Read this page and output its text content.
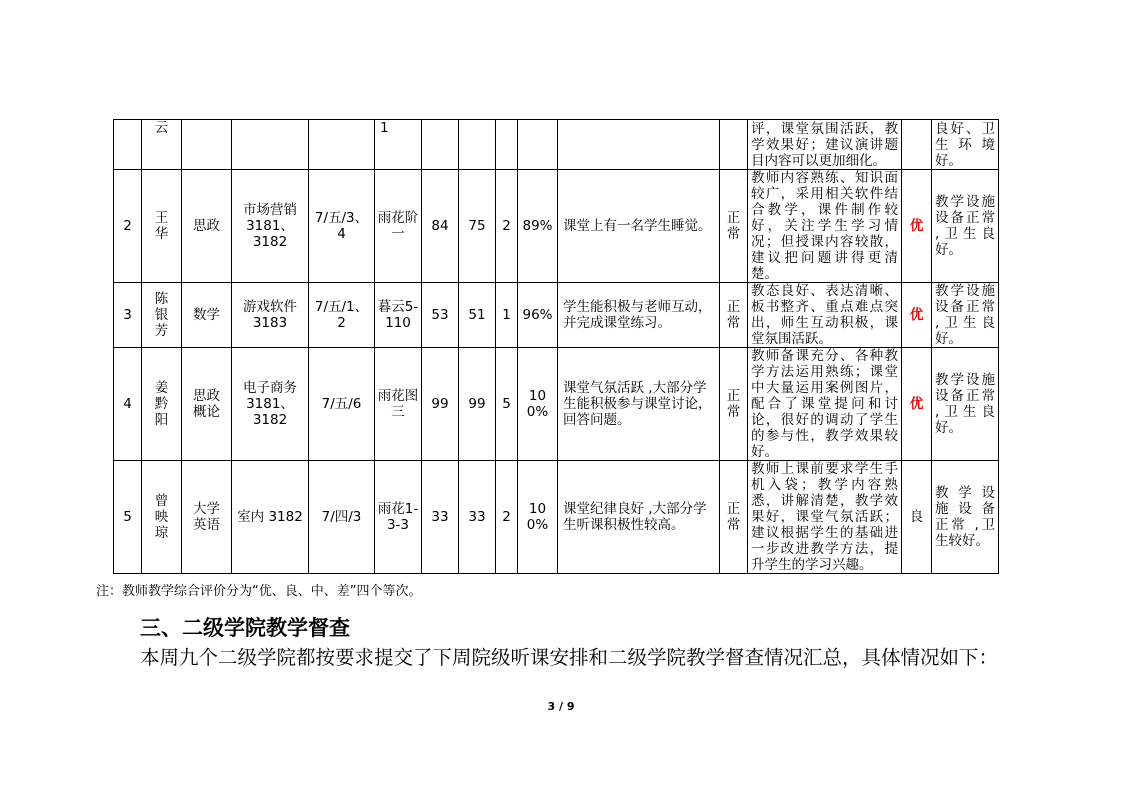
	云				1							评，课堂氛围活跃，教学效果好；建议演讲题目内容可以更加细化。		良好、卫生 环 境好。
2	王华	思政	市场营销3181、3182	7/五/3、4	雨花阶一	84	75	2	89%	课堂上有一名学生睡觉。	正常	教师内容熟练、知识面较广，采用相关软件结合教学，课件制作较好，关注学生学习情况；但授课内容较散，建议把问题讲得更清楚。	优	教学设施设备正常 ,卫生良好。
3	陈银芳	数学	游戏软件3183	7/五/1、2	暮云5-110	53	51	1	96%	学生能积极与老师互动，并完成课堂练习。	正常	教态良好、表达清晰、板书整齐、重点难点突出，师生互动积极，课堂氛围活跃。	优	教学设施设备正常 ,卫生良好。
4	姜黔阳	思政概论	电子商务3181、3182	7/五/6	雨花图三	99	99	5	100%	课堂气氛活跃 ,大部分学生能积极参与课堂讨论，回答问题。	正常	教师备课充分、各种教学方法运用熟练；课堂中大量运用案例图片，配合了课堂提问和讨论，很好的调动了学生的参与性，教学效果较好。	优	教学设施设备正常 ,卫生良好。
5	曾映琼	大学英语	室内 3182	7/四/3	雨花1-3-3	33	33	2	100%	课堂纪律良好 ,大部分学生听课积极性较高。	正常	教师上课前要求学生手机入袋；教学内容熟悉，讲解清楚，教学效果好，课堂气氛活跃；建议根据学生的基础进一步改进教学方法，提升学生的学习兴趣。	良	教 学 设施 设 备正常 ,卫生较好。
注：教师教学综合评价分为“优、良、中、差”四个等次。
三、二级学院教学督查
本周九个二级学院都按要求提交了下周院级听课安排和二级学院教学督查情况汇总，具体情况如下：
3 / 9
